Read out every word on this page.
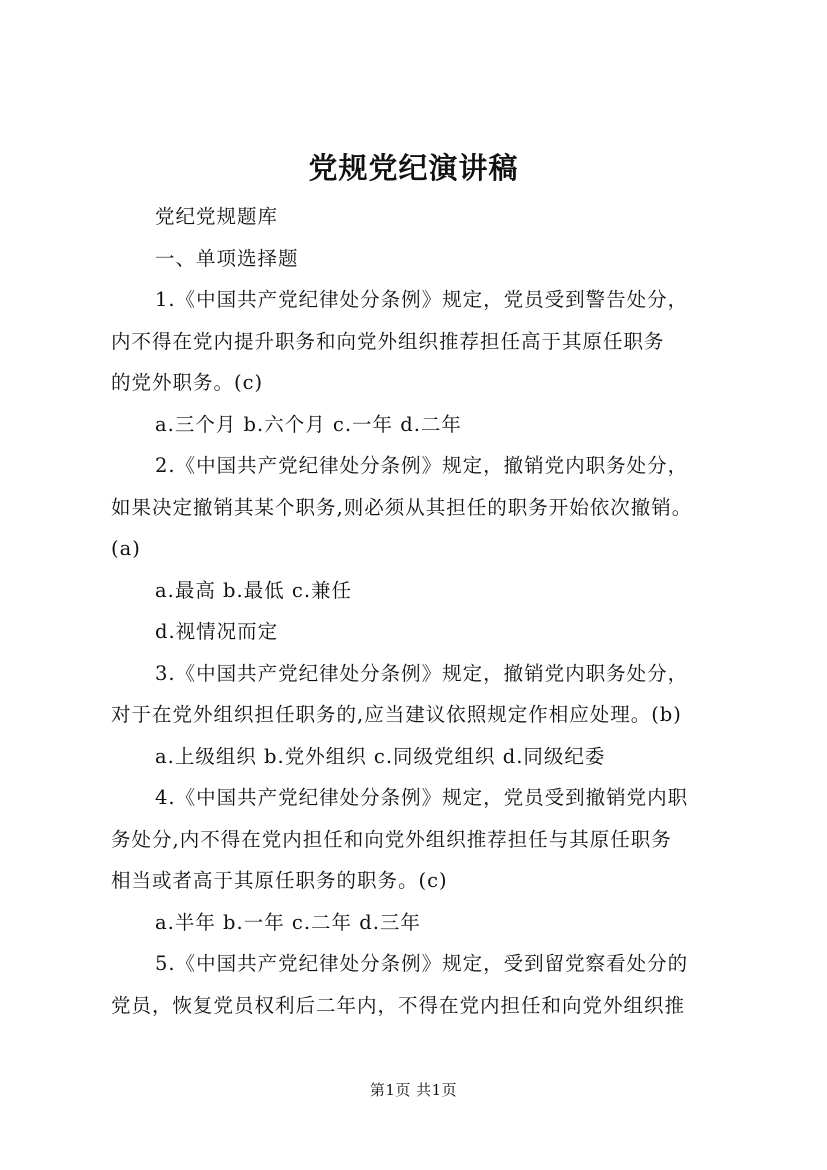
党规党纪演讲稿
党纪党规题库
一、单项选择题
1.《中国共产党纪律处分条例》规定，党员受到警告处分，
内不得在党内提升职务和向党外组织推荐担任高于其原任职务
的党外职务。(c)
a.三个月 b.六个月 c.一年 d.二年
2.《中国共产党纪律处分条例》规定，撤销党内职务处分，
如果决定撤销其某个职务,则必须从其担任的职务开始依次撤销。
(a)
a.最高 b.最低 c.兼任
d.视情况而定
3.《中国共产党纪律处分条例》规定，撤销党内职务处分，
对于在党外组织担任职务的,应当建议依照规定作相应处理。(b)
a.上级组织 b.党外组织 c.同级党组织 d.同级纪委
4.《中国共产党纪律处分条例》规定，党员受到撤销党内职
务处分,内不得在党内担任和向党外组织推荐担任与其原任职务
相当或者高于其原任职务的职务。(c)
a.半年 b.一年 c.二年 d.三年
5.《中国共产党纪律处分条例》规定，受到留党察看处分的
党员，恢复党员权利后二年内，不得在党内担任和向党外组织推
第1页 共1页
